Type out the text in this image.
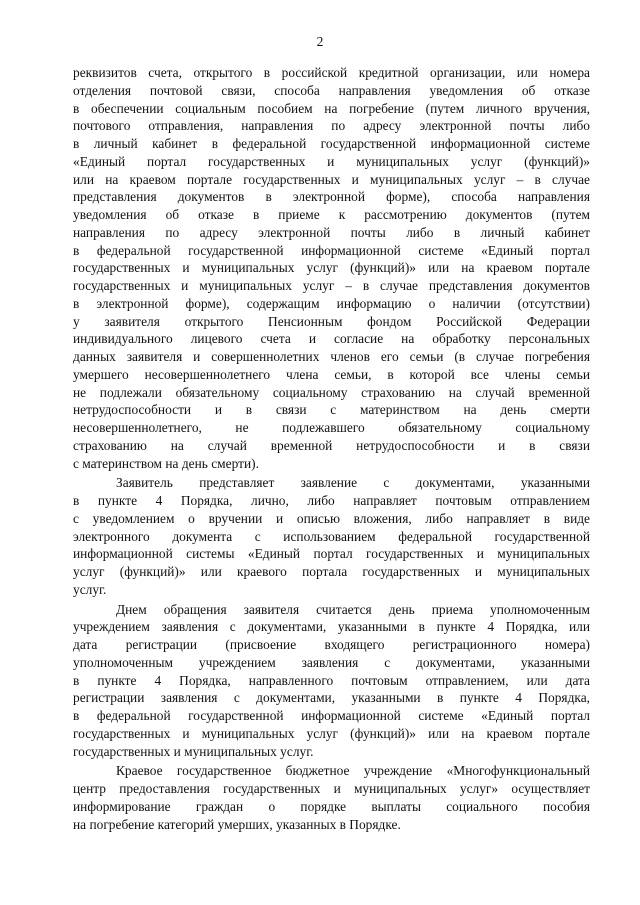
2
реквизитов счета, открытого в российской кредитной организации, или номера
отделения почтовой связи, способа направления уведомления об отказе
в обеспечении социальным пособием на погребение (путем личного вручения,
почтового отправления, направления по адресу электронной почты либо
в личный кабинет в федеральной государственной информационной системе
«Единый портал государственных и муниципальных услуг (функций)»
или на краевом портале государственных и муниципальных услуг – в случае
представления документов в электронной форме), способа направления
уведомления об отказе в приеме к рассмотрению документов (путем
направления по адресу электронной почты либо в личный кабинет
в федеральной государственной информационной системе «Единый портал
государственных и муниципальных услуг (функций)» или на краевом портале
государственных и муниципальных услуг – в случае представления документов
в электронной форме), содержащим информацию о наличии (отсутствии)
у заявителя открытого Пенсионным фондом Российской Федерации
индивидуального лицевого счета и согласие на обработку персональных
данных заявителя и совершеннолетних членов его семьи (в случае погребения
умершего несовершеннолетнего члена семьи, в которой все члены семьи
не подлежали обязательному социальному страхованию на случай временной
нетрудоспособности и в связи с материнством на день смерти
несовершеннолетнего, не подлежавшего обязательному социальному
страхованию на случай временной нетрудоспособности и в связи
с материнством на день смерти).
Заявитель представляет заявление с документами, указанными
в пункте 4 Порядка, лично, либо направляет почтовым отправлением
с уведомлением о вручении и описью вложения, либо направляет в виде
электронного документа с использованием федеральной государственной
информационной системы «Единый портал государственных и муниципальных
услуг (функций)» или краевого портала государственных и муниципальных
услуг.
Днем обращения заявителя считается день приема уполномоченным
учреждением заявления с документами, указанными в пункте 4 Порядка, или
дата регистрации (присвоение входящего регистрационного номера)
уполномоченным учреждением заявления с документами, указанными
в пункте 4 Порядка, направленного почтовым отправлением, или дата
регистрации заявления с документами, указанными в пункте 4 Порядка,
в федеральной государственной информационной системе «Единый портал
государственных и муниципальных услуг (функций)» или на краевом портале
государственных и муниципальных услуг.
Краевое государственное бюджетное учреждение «Многофункциональный
центр предоставления государственных и муниципальных услуг» осуществляет
информирование граждан о порядке выплаты социального пособия
на погребение категорий умерших, указанных в Порядке.
